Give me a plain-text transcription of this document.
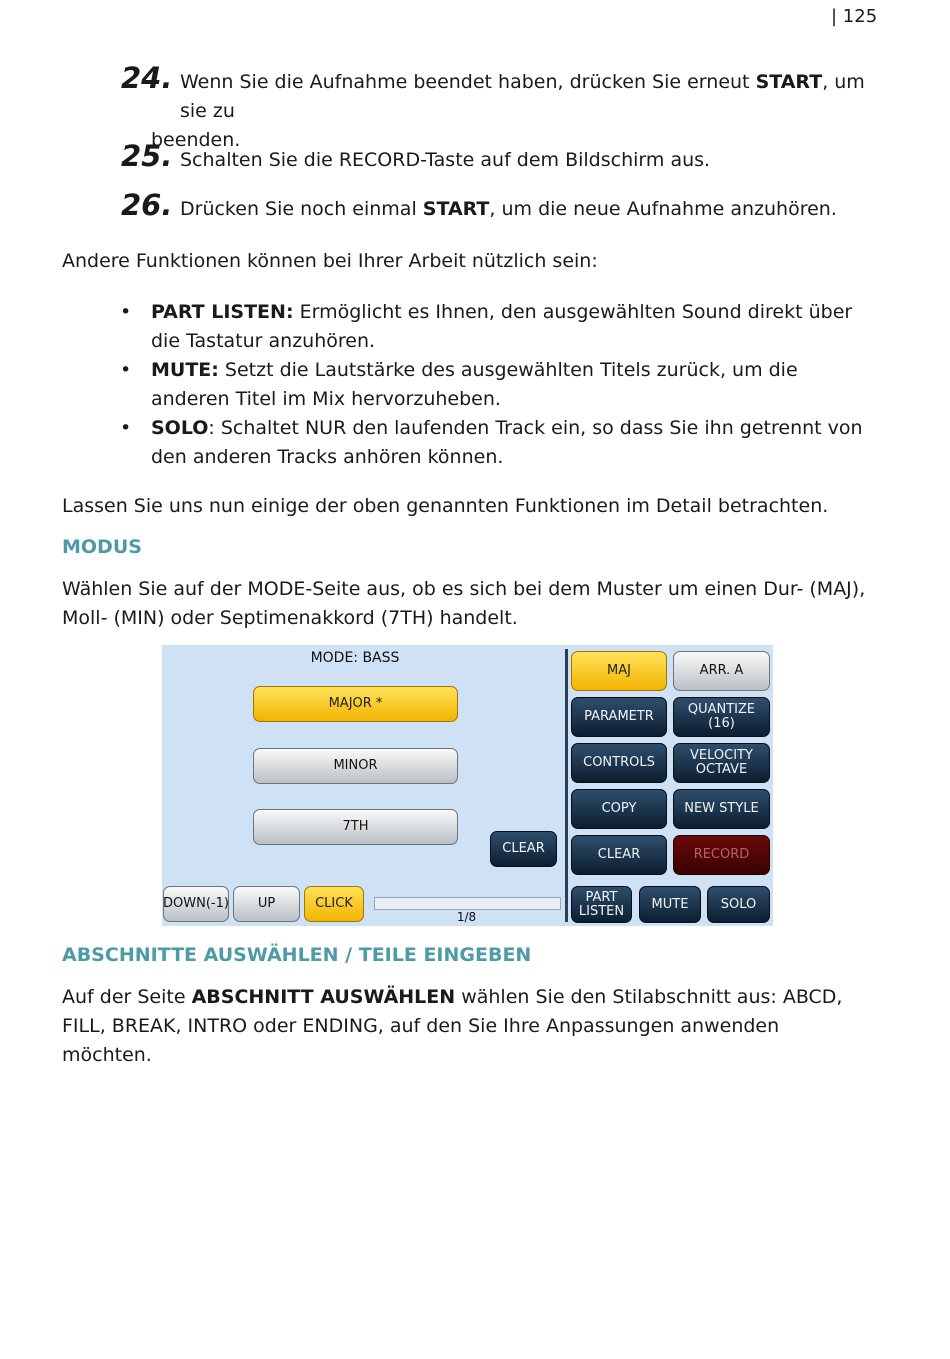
| 125
24. Wenn Sie die Aufnahme beendet haben, drücken Sie erneut START, um sie zu
beenden.
25. Schalten Sie die RECORD-Taste auf dem Bildschirm aus.
26. Drücken Sie noch einmal START, um die neue Aufnahme anzuhören.
Andere Funktionen können bei Ihrer Arbeit nützlich sein:
• PART LISTEN: Ermöglicht es Ihnen, den ausgewählten Sound direkt über die Tastatur anzuhören.
• MUTE: Setzt die Lautstärke des ausgewählten Titels zurück, um die anderen Titel im Mix hervorzuheben.
• SOLO: Schaltet NUR den laufenden Track ein, so dass Sie ihn getrennt von den anderen Tracks anhören können.
Lassen Sie uns nun einige der oben genannten Funktionen im Detail betrachten.
MODUS
Wählen Sie auf der MODE-Seite aus, ob es sich bei dem Muster um einen Dur- (MAJ), Moll- (MIN) oder Septimenakkord (7TH) handelt.
MODE: BASS
MAJOR *
MINOR
7TH
CLEAR
DOWN(-1)	UP	CLICK
1/8
MAJ	ARR. A
PARAMETR	QUANTIZE
(16)
CONTROLS	VELOCITY
OCTAVE
COPY	NEW STYLE
CLEAR	RECORD
PART
LISTEN	MUTE	SOLO
ABSCHNITTE AUSWÄHLEN / TEILE EINGEBEN
Auf der Seite ABSCHNITT AUSWÄHLEN wählen Sie den Stilabschnitt aus: ABCD, FILL, BREAK, INTRO oder ENDING, auf den Sie Ihre Anpassungen anwenden möchten.
